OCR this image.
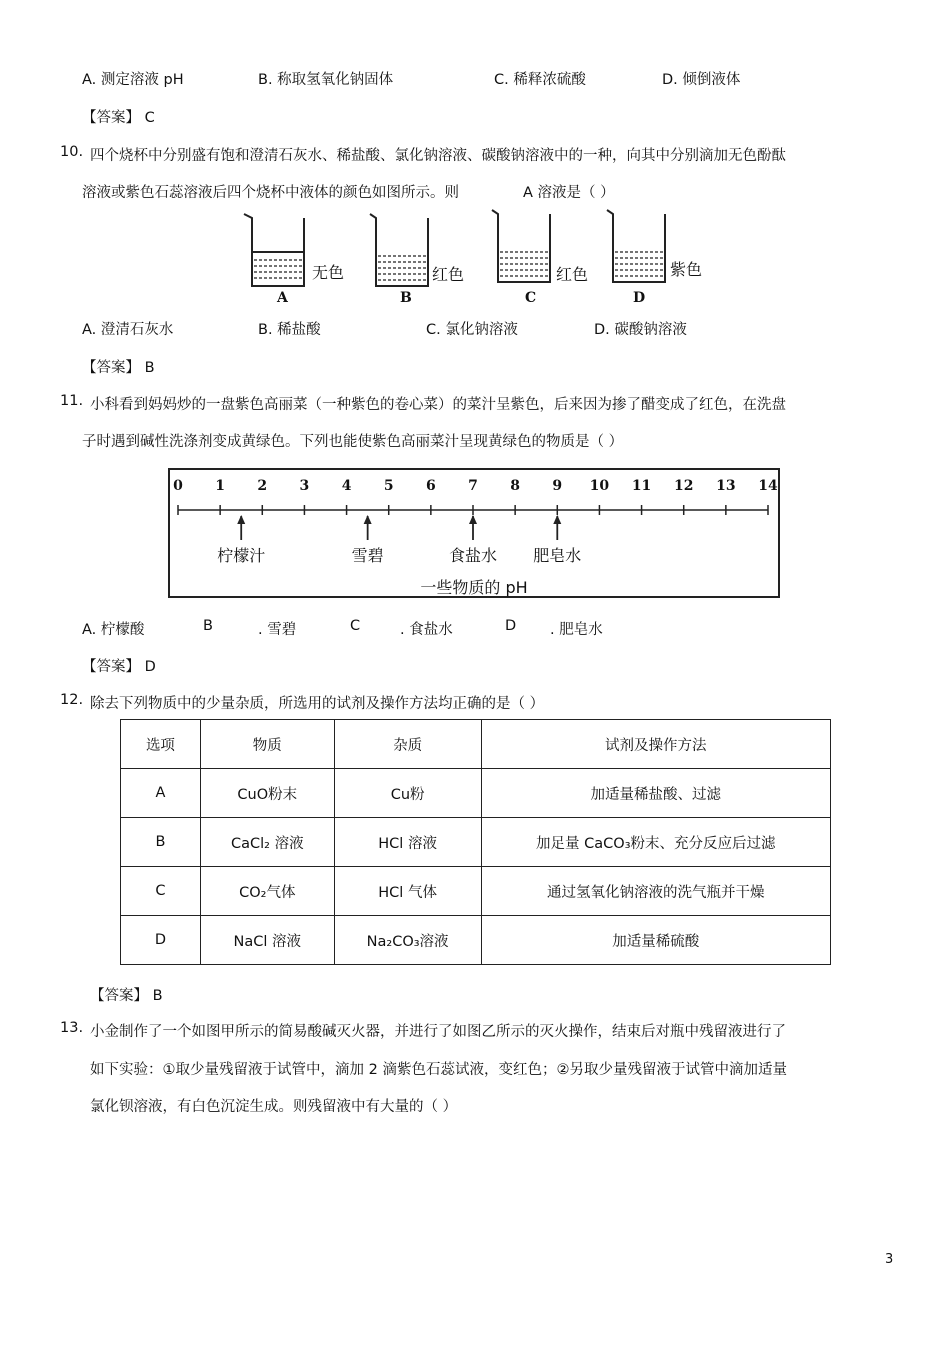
A. 测定溶液 pH	B. 称取氢氧化钠固体	C. 稀释浓硫酸	D. 倾倒液体
【答案】 C
10. 四个烧杯中分别盛有饱和澄清石灰水、稀盐酸、氯化钠溶液、碳酸钠溶液中的一种，向其中分别滴加无色酚酞
溶液或紫色石蕊溶液后四个烧杯中液体的颜色如图所示。则	A 溶液是（ ）
无色
A
红色
B
红色
C
紫色
D
A. 澄清石灰水	B. 稀盐酸	C. 氯化钠溶液	D. 碳酸钠溶液
【答案】 B
11. 小科看到妈妈炒的一盘紫色高丽菜（一种紫色的卷心菜）的菜汁呈紫色，后来因为掺了醋变成了红色，在洗盘
子时遇到碱性洗涤剂变成黄绿色。下列也能使紫色高丽菜汁呈现黄绿色的物质是（ ）
0 1 2 3 4 5 6 7 8 9 10 11 12 13 14
柠檬汁	雪碧	食盐水 肥皂水
一些物质的 pH
A. 柠檬酸	B	. 雪碧	C	. 食盐水	D . 肥皂水
【答案】 D
12. 除去下列物质中的少量杂质，所选用的试剂及操作方法均正确的是（ ）
选项	物质	杂质	试剂及操作方法
A	CuO粉末	Cu粉	加适量稀盐酸、过滤
B	CaCl₂ 溶液	HCl 溶液	加足量 CaCO₃粉末、充分反应后过滤
C	CO₂气体	HCl 气体	通过氢氧化钠溶液的洗气瓶并干燥
D	NaCl 溶液	Na₂CO₃溶液	加适量稀硫酸
【答案】 B
13. 小金制作了一个如图甲所示的简易酸碱灭火器，并进行了如图乙所示的灭火操作，结束后对瓶中残留液进行了
如下实验：①取少量残留液于试管中，滴加 2 滴紫色石蕊试液，变红色；②另取少量残留液于试管中滴加适量
氯化钡溶液，有白色沉淀生成。则残留液中有大量的（ ）
3
